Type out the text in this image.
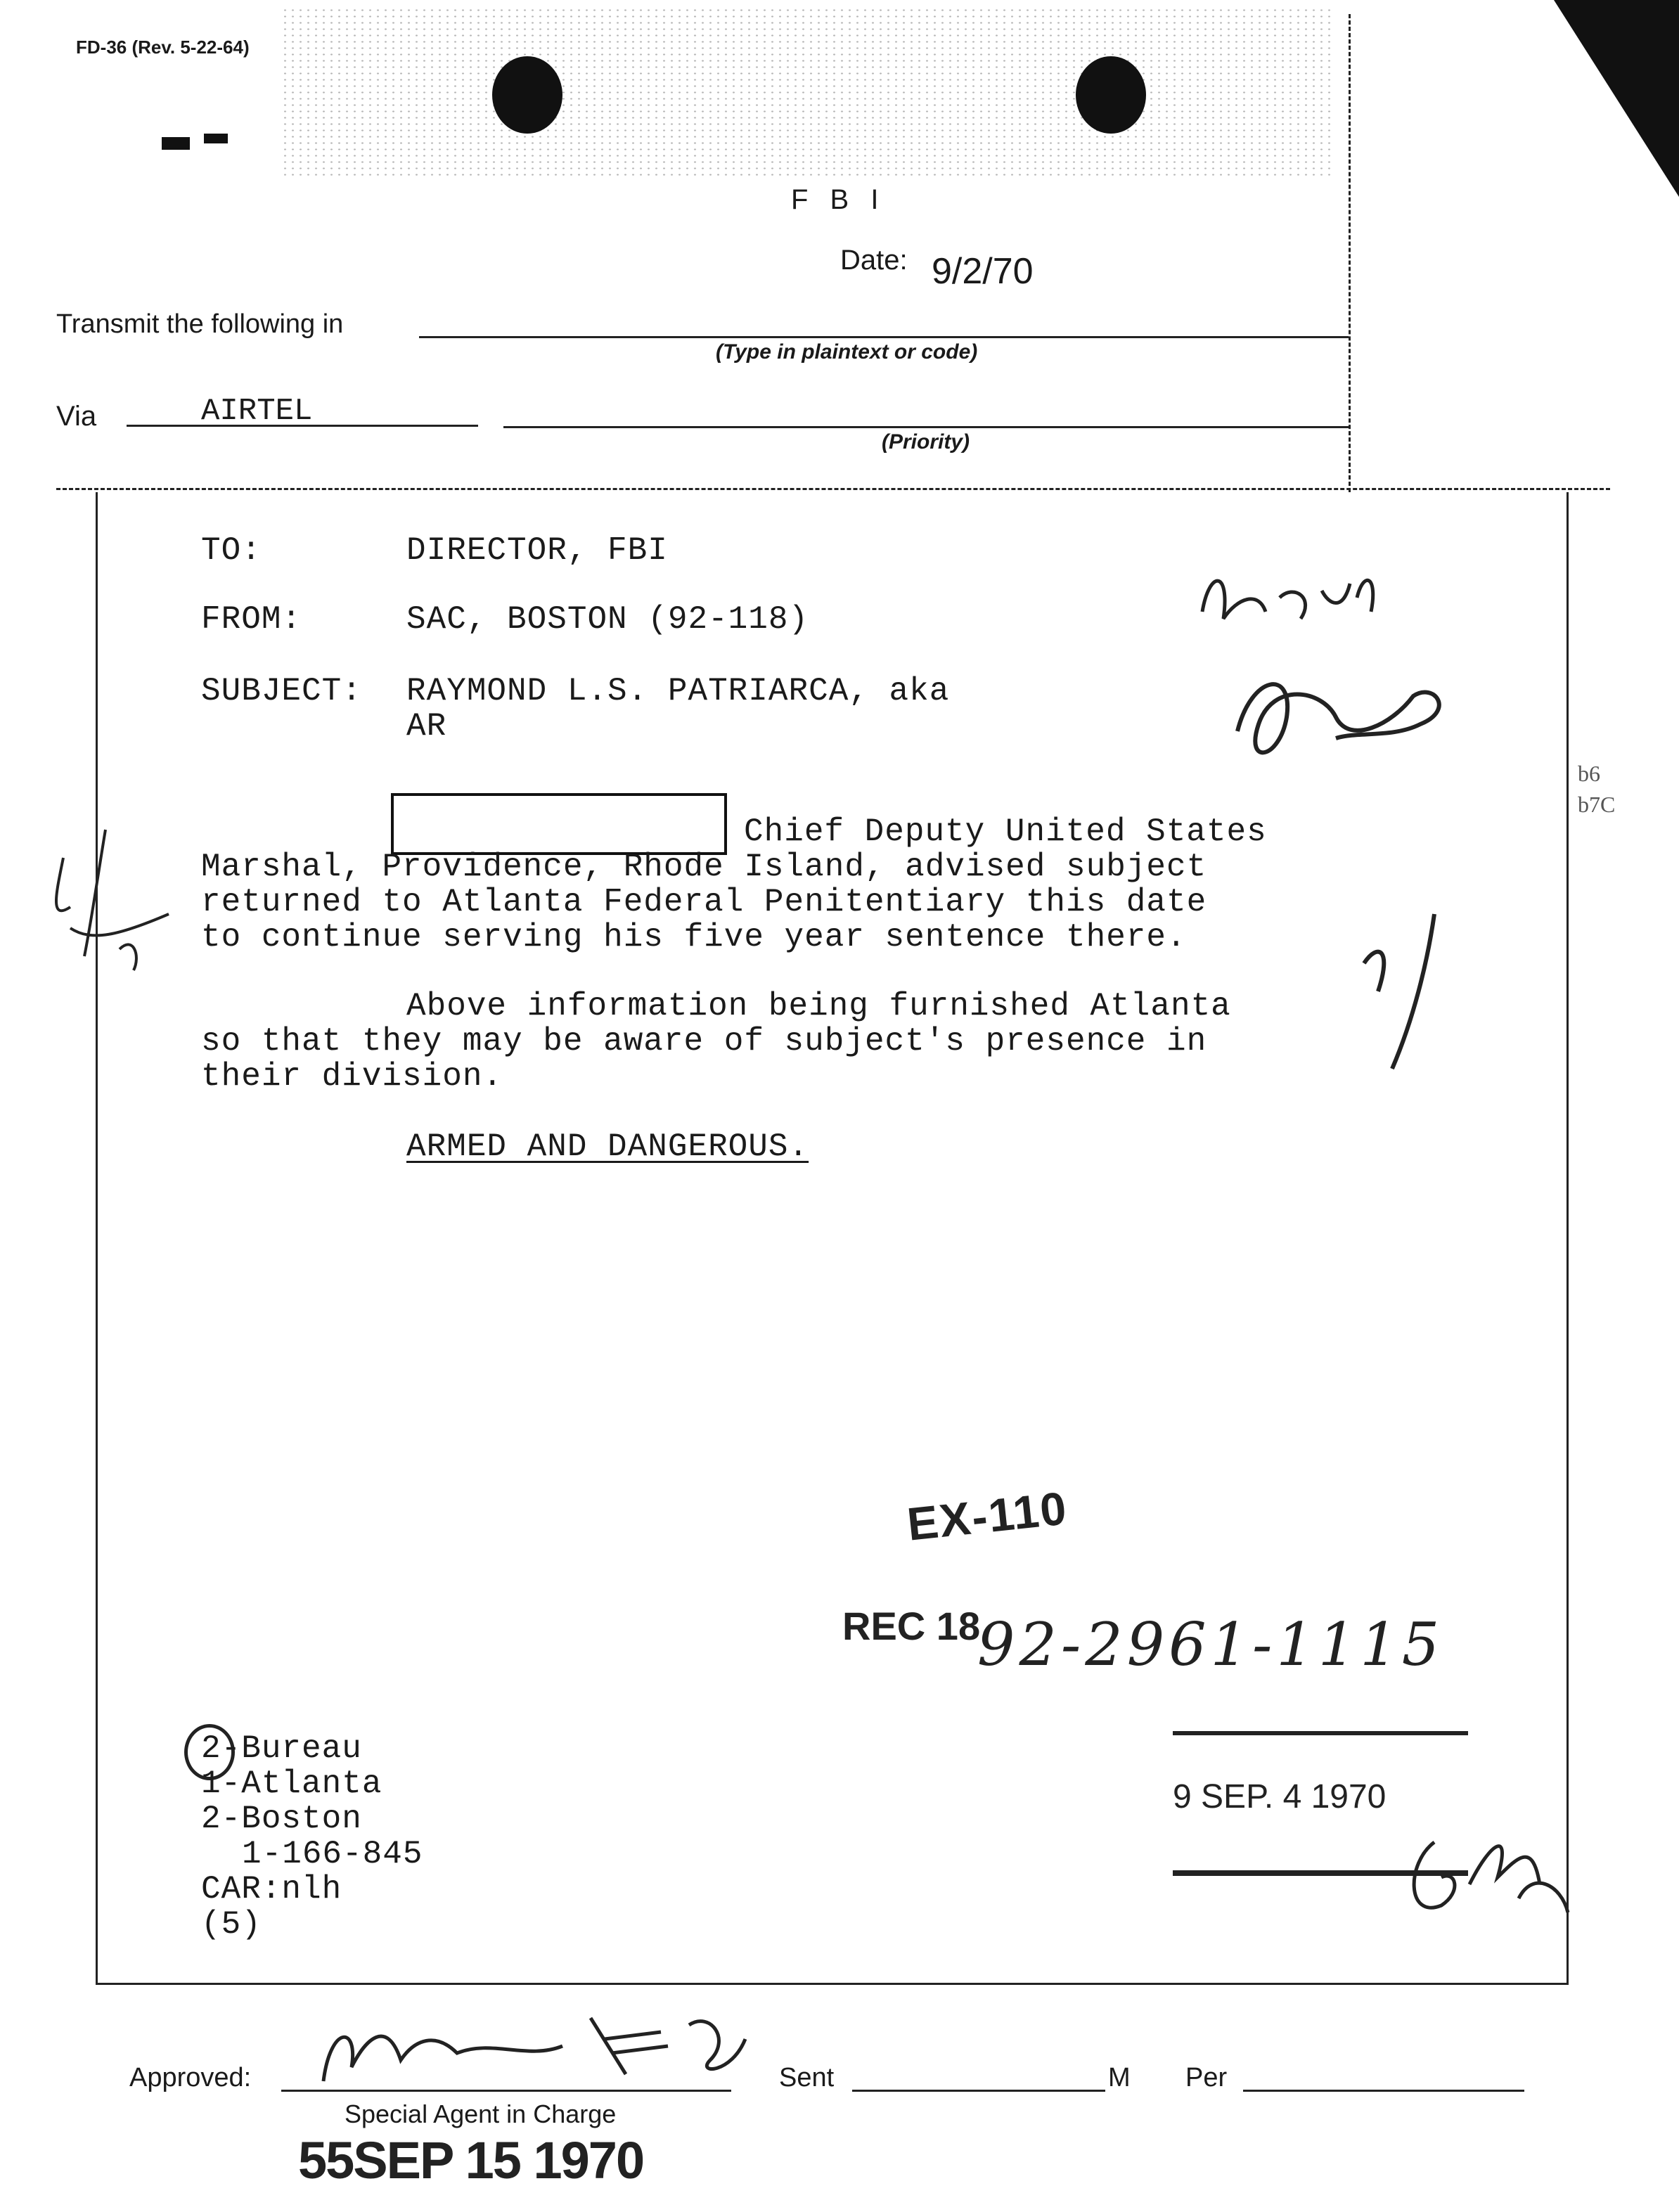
FD-36 (Rev. 5-22-64)
F B I
Date: 9/2/70
Transmit the following in
(Type in plaintext or code)
Via	AIRTEL
(Priority)
TO:	DIRECTOR, FBI
FROM:	SAC, BOSTON (92-118)
SUBJECT: RAYMOND L.S. PATRIARCA, aka
AR
b6
b7C
Chief Deputy United States
Marshal, Providence, Rhode Island, advised subject
returned to Atlanta Federal Penitentiary this date
to continue serving his five year sentence there.
Above information being furnished Atlanta
so that they may be aware of subject's presence in
their division.
ARMED AND DANGEROUS.
EX-110
REC 18
92-2961-1115
9 SEP. 4 1970
2-Bureau
1-Atlanta
2-Boston
1-166-845
CAR:nlh
(5)
Approved:
Special Agent in Charge
Sent	M Per
55SEP 15 1970
